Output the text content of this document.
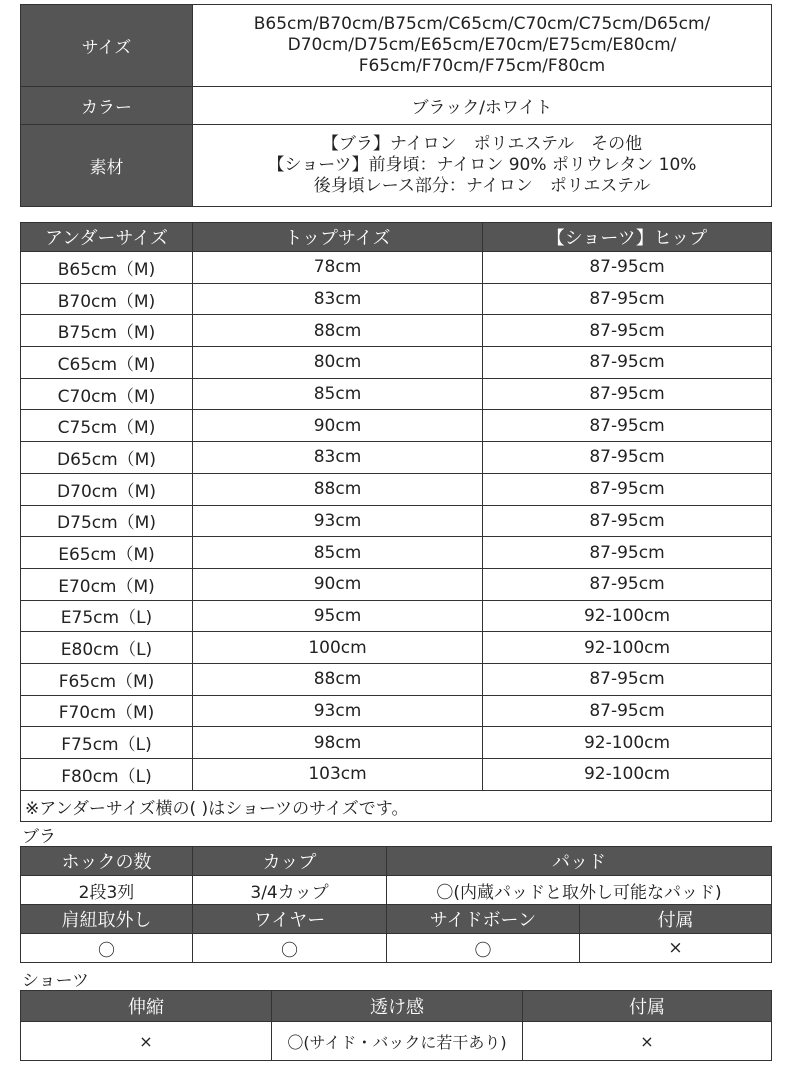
サイズ	B65cm/B70cm/B75cm/C65cm/C70cm/C75cm/D65cm/
D70cm/D75cm/E65cm/E70cm/E75cm/E80cm/
F65cm/F70cm/F75cm/F80cm

カラー	ブラック/ホワイト
素材	【ブラ】ナイロン　ポリエステル　その他
【ショーツ】前身頃：ナイロン 90% ポリウレタン 10%
後身頃レース部分：ナイロン　ポリエステル
アンダーサイズ	トップサイズ	【ショーツ】ヒップ
B65cm（M)	78cm	87-95cm
B70cm（M)	83cm	87-95cm
B75cm（M)	88cm	87-95cm
C65cm（M)	80cm	87-95cm
C70cm（M)	85cm	87-95cm
C75cm（M)	90cm	87-95cm
D65cm（M)	83cm	87-95cm
D70cm（M)	88cm	87-95cm
D75cm（M)	93cm	87-95cm
E65cm（M)	85cm	87-95cm
E70cm（M)	90cm	87-95cm
E75cm（L)	95cm	92-100cm
E80cm（L)	100cm	92-100cm
F65cm（M)	88cm	87-95cm
F70cm（M)	93cm	87-95cm
F75cm（L)	98cm	92-100cm
F80cm（L)	103cm	92-100cm
※アンダーサイズ横の( )はショーツのサイズです。		
ブラ
ホックの数	カップ	パッド	
2段3列	3/4カップ	〇(内蔵パッドと取外し可能なパッド)	
肩紐取外し	ワイヤー	サイドボーン	付属
〇	〇	〇	×
ショーツ
伸縮	透け感	付属
×	〇(サイド・バックに若干あり)	×
